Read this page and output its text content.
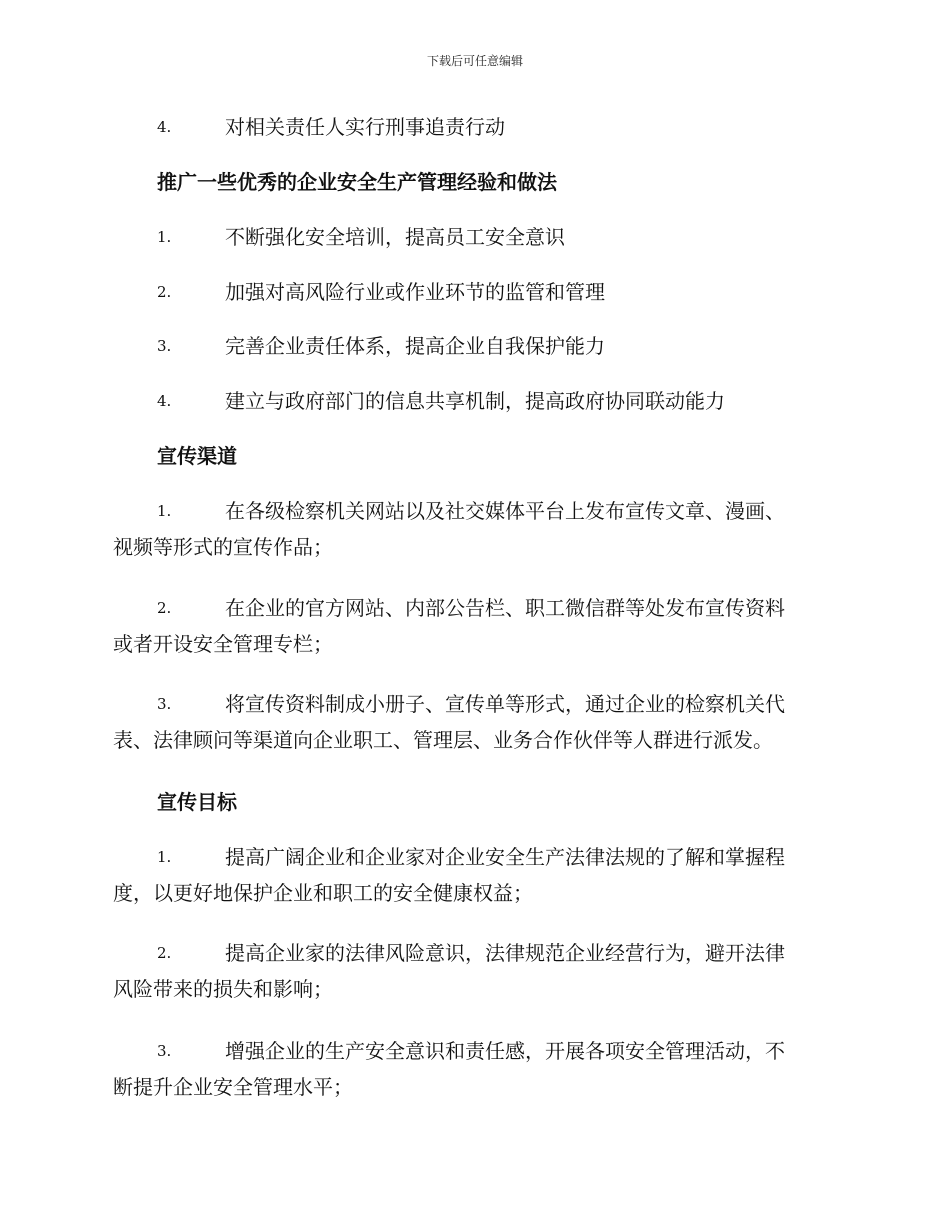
下载后可任意编辑
4.	对相关责任人实行刑事追责行动
推广一些优秀的企业安全生产管理经验和做法
1.	不断强化安全培训，提高员工安全意识
2.	加强对高风险行业或作业环节的监管和管理
3.	完善企业责任体系，提高企业自我保护能力
4.	建立与政府部门的信息共享机制，提高政府协同联动能力
宣传渠道
1.	在各级检察机关网站以及社交媒体平台上发布宣传文章、漫画、
视频等形式的宣传作品；
2.	在企业的官方网站、内部公告栏、职工微信群等处发布宣传资料
或者开设安全管理专栏；
3.	将宣传资料制成小册子、宣传单等形式，通过企业的检察机关代
表、法律顾问等渠道向企业职工、管理层、业务合作伙伴等人群进行派发。
宣传目标
1.	提高广阔企业和企业家对企业安全生产法律法规的了解和掌握程
度，以更好地保护企业和职工的安全健康权益；
2.	提高企业家的法律风险意识，法律规范企业经营行为，避开法律
风险带来的损失和影响；
3.	增强企业的生产安全意识和责任感，开展各项安全管理活动，不
断提升企业安全管理水平；
